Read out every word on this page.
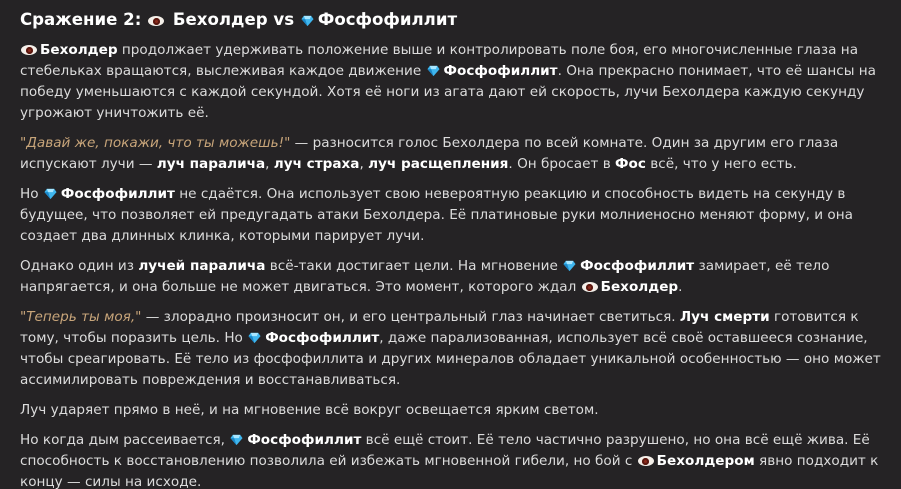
Сражение 2: Бехолдер vs Фосфофиллит

Бехолдер продолжает удерживать положение выше и контролировать поле боя, его многочисленные глаза на стебельках вращаются, выслеживая каждое движение Фосфофиллит. Она прекрасно понимает, что её шансы на победу уменьшаются с каждой секундой. Хотя её ноги из агата дают ей скорость, лучи Бехолдера каждую секунду угрожают уничтожить её.

"Давай же, покажи, что ты можешь!" — разносится голос Бехолдера по всей комнате. Один за другим его глаза испускают лучи — луч паралича, луч страха, луч расщепления. Он бросает в Фос всё, что у него есть.

Но Фосфофиллит не сдаётся. Она использует свою невероятную реакцию и способность видеть на секунду в будущее, что позволяет ей предугадать атаки Бехолдера. Её платиновые руки молниеносно меняют форму, и она создает два длинных клинка, которыми парирует лучи.

Однако один из лучей паралича всё-таки достигает цели. На мгновение Фосфофиллит замирает, её тело напрягается, и она больше не может двигаться. Это момент, которого ждал Бехолдер.

"Теперь ты моя," — злорадно произносит он, и его центральный глаз начинает светиться. Луч смерти готовится к тому, чтобы поразить цель. Но Фосфофиллит, даже парализованная, использует всё своё оставшееся сознание, чтобы среагировать. Её тело из фосфофиллита и других минералов обладает уникальной особенностью — оно может ассимилировать повреждения и восстанавливаться.

Луч ударяет прямо в неё, и на мгновение всё вокруг освещается ярким светом.

Но когда дым рассеивается, Фосфофиллит всё ещё стоит. Её тело частично разрушено, но она всё ещё жива. Её способность к восстановлению позволила ей избежать мгновенной гибели, но бой с Бехолдером явно подходит к концу — силы на исходе.
